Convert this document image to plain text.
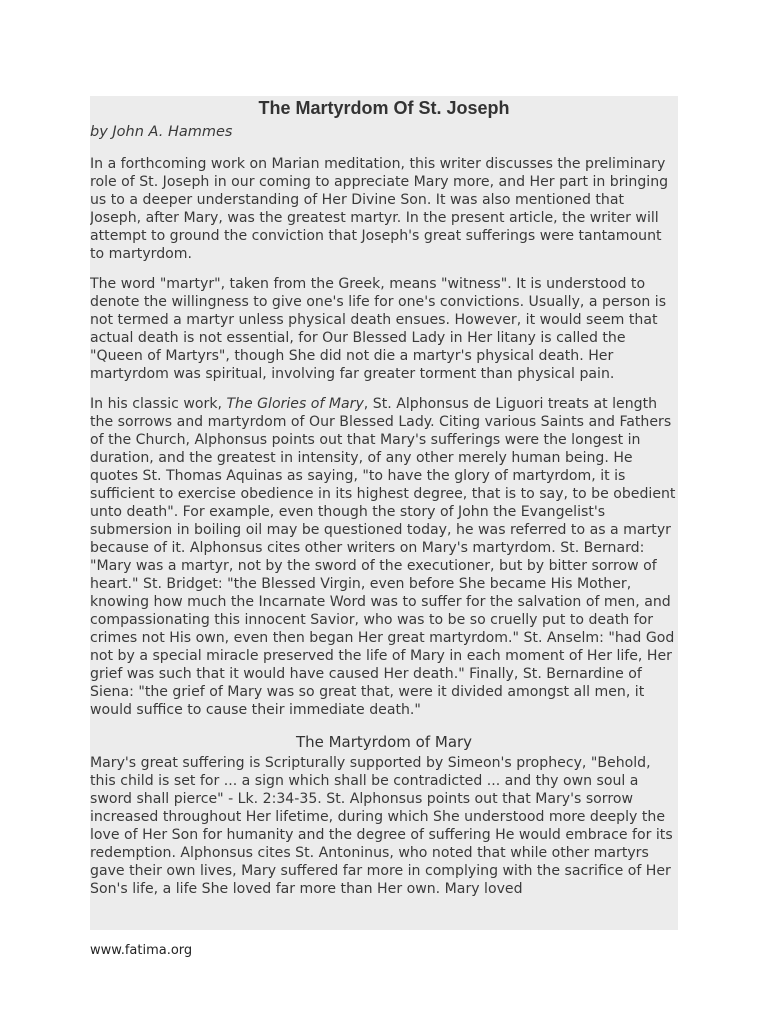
The Martyrdom Of St. Joseph
by John A. Hammes

In a forthcoming work on Marian meditation, this writer discusses the preliminary role of St. Joseph in our coming to appreciate Mary more, and Her part in bringing us to a deeper understanding of Her Divine Son. It was also mentioned that Joseph, after Mary, was the greatest martyr. In the present article, the writer will attempt to ground the conviction that Joseph's great sufferings were tantamount to martyrdom.

The word "martyr", taken from the Greek, means "witness". It is understood to denote the willingness to give one's life for one's convictions. Usually, a person is not termed a martyr unless physical death ensues. However, it would seem that actual death is not essential, for Our Blessed Lady in Her litany is called the "Queen of Martyrs", though She did not die a martyr's physical death. Her martyrdom was spiritual, involving far greater torment than physical pain.

In his classic work, The Glories of Mary, St. Alphonsus de Liguori treats at length the sorrows and martyrdom of Our Blessed Lady. Citing various Saints and Fathers of the Church, Alphonsus points out that Mary's sufferings were the longest in duration, and the greatest in intensity, of any other merely human being. He quotes St. Thomas Aquinas as saying, "to have the glory of martyrdom, it is sufficient to exercise obedience in its highest degree, that is to say, to be obedient unto death". For example, even though the story of John the Evangelist's submersion in boiling oil may be questioned today, he was referred to as a martyr because of it. Alphonsus cites other writers on Mary's martyrdom. St. Bernard: "Mary was a martyr, not by the sword of the executioner, but by bitter sorrow of heart." St. Bridget: "the Blessed Virgin, even before She became His Mother, knowing how much the Incarnate Word was to suffer for the salvation of men, and compassionating this innocent Savior, who was to be so cruelly put to death for crimes not His own, even then began Her great martyrdom." St. Anselm: "had God not by a special miracle preserved the life of Mary in each moment of Her life, Her grief was such that it would have caused Her death." Finally, St. Bernardine of Siena: "the grief of Mary was so great that, were it divided amongst all men, it would suffice to cause their immediate death."

The Martyrdom of Mary

Mary's great suffering is Scripturally supported by Simeon's prophecy, "Behold, this child is set for ... a sign which shall be contradicted ... and thy own soul a sword shall pierce" - Lk. 2:34-35. St. Alphonsus points out that Mary's sorrow increased throughout Her lifetime, during which She understood more deeply the love of Her Son for humanity and the degree of suffering He would embrace for its redemption. Alphonsus cites St. Antoninus, who noted that while other martyrs gave their own lives, Mary suffered far more in complying with the sacrifice of Her Son's life, a life She loved far more than Her own. Mary loved

www.fatima.org
